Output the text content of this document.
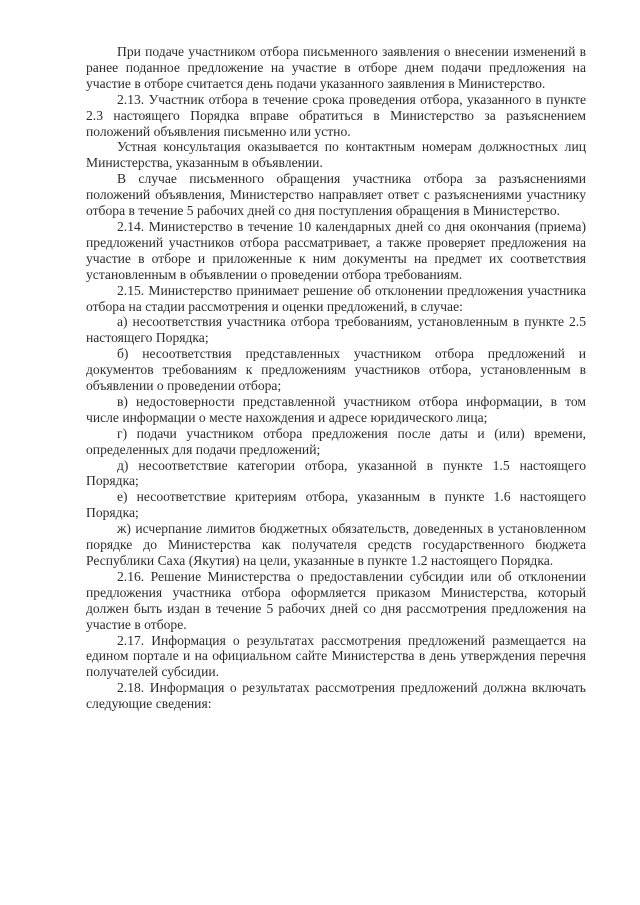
При подаче участником отбора письменного заявления о внесении изменений в ранее поданное предложение на участие в отборе днем подачи предложения на участие в отборе считается день подачи указанного заявления в Министерство.

2.13. Участник отбора в течение срока проведения отбора, указанного в пункте 2.3 настоящего Порядка вправе обратиться в Министерство за разъяснением положений объявления письменно или устно.

Устная консультация оказывается по контактным номерам должностных лиц Министерства, указанным в объявлении.

В случае письменного обращения участника отбора за разъяснениями положений объявления, Министерство направляет ответ с разъяснениями участнику отбора в течение 5 рабочих дней со дня поступления обращения в Министерство.

2.14. Министерство в течение 10 календарных дней со дня окончания (приема) предложений участников отбора рассматривает, а также проверяет предложения на участие в отборе и приложенные к ним документы на предмет их соответствия установленным в объявлении о проведении отбора требованиям.

2.15. Министерство принимает решение об отклонении предложения участника отбора на стадии рассмотрения и оценки предложений, в случае:

а) несоответствия участника отбора требованиям, установленным в пункте 2.5 настоящего Порядка;

б) несоответствия представленных участником отбора предложений и документов требованиям к предложениям участников отбора, установленным в объявлении о проведении отбора;

в) недостоверности представленной участником отбора информации, в том числе информации о месте нахождения и адресе юридического лица;

г) подачи участником отбора предложения после даты и (или) времени, определенных для подачи предложений;

д) несоответствие категории отбора, указанной в пункте 1.5 настоящего Порядка;

е) несоответствие критериям отбора, указанным в пункте 1.6 настоящего Порядка;

ж) исчерпание лимитов бюджетных обязательств, доведенных в установленном порядке до Министерства как получателя средств государственного бюджета Республики Саха (Якутия) на цели, указанные в пункте 1.2 настоящего Порядка.

2.16. Решение Министерства о предоставлении субсидии или об отклонении предложения участника отбора оформляется приказом Министерства, который должен быть издан в течение 5 рабочих дней со дня рассмотрения предложения на участие в отборе.

2.17. Информация о результатах рассмотрения предложений размещается на едином портале и на официальном сайте Министерства в день утверждения перечня получателей субсидии.

2.18. Информация о результатах рассмотрения предложений должна включать следующие сведения:
